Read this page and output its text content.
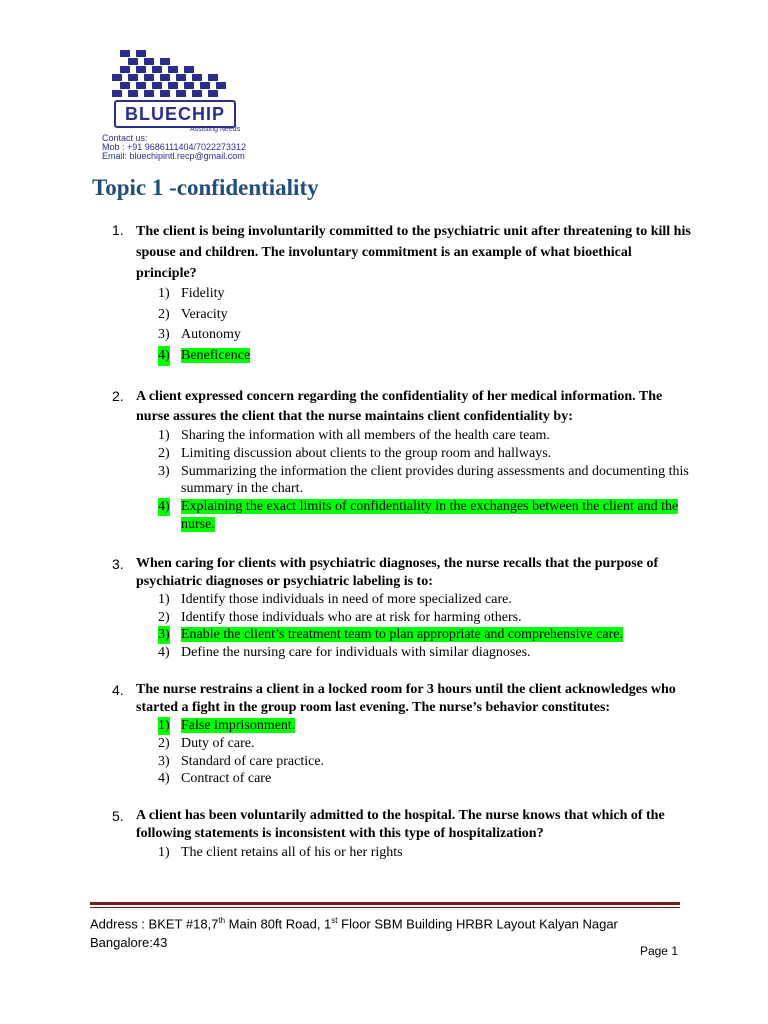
BLUECHIP
Assisting Needs
Contact us:
Mob : +91 9686111404/7022273312
Email: bluechipintl.recp@gmail.com
Topic 1 -confidentiality
1. The client is being involuntarily committed to the psychiatric unit after threatening to kill his spouse and children. The involuntary commitment is an example of what bioethical principle?
1) Fidelity
2) Veracity
3) Autonomy
4) Beneficence
2. A client expressed concern regarding the confidentiality of her medical information. The nurse assures the client that the nurse maintains client confidentiality by:
1) Sharing the information with all members of the health care team.
2) Limiting discussion about clients to the group room and hallways.
3) Summarizing the information the client provides during assessments and documenting this summary in the chart.
4) Explaining the exact limits of confidentiality in the exchanges between the client and the nurse.
3. When caring for clients with psychiatric diagnoses, the nurse recalls that the purpose of psychiatric diagnoses or psychiatric labeling is to:
1) Identify those individuals in need of more specialized care.
2) Identify those individuals who are at risk for harming others.
3) Enable the client’s treatment team to plan appropriate and comprehensive care.
4) Define the nursing care for individuals with similar diagnoses.
4. The nurse restrains a client in a locked room for 3 hours until the client acknowledges who started a fight in the group room last evening. The nurse’s behavior constitutes:
1) False imprisonment.
2) Duty of care.
3) Standard of care practice.
4) Contract of care
5. A client has been voluntarily admitted to the hospital. The nurse knows that which of the following statements is inconsistent with this type of hospitalization?
1) The client retains all of his or her rights
Address : BKET #18,7th Main 80ft Road, 1st Floor SBM Building HRBR Layout Kalyan Nagar
Bangalore:43
Page 1
